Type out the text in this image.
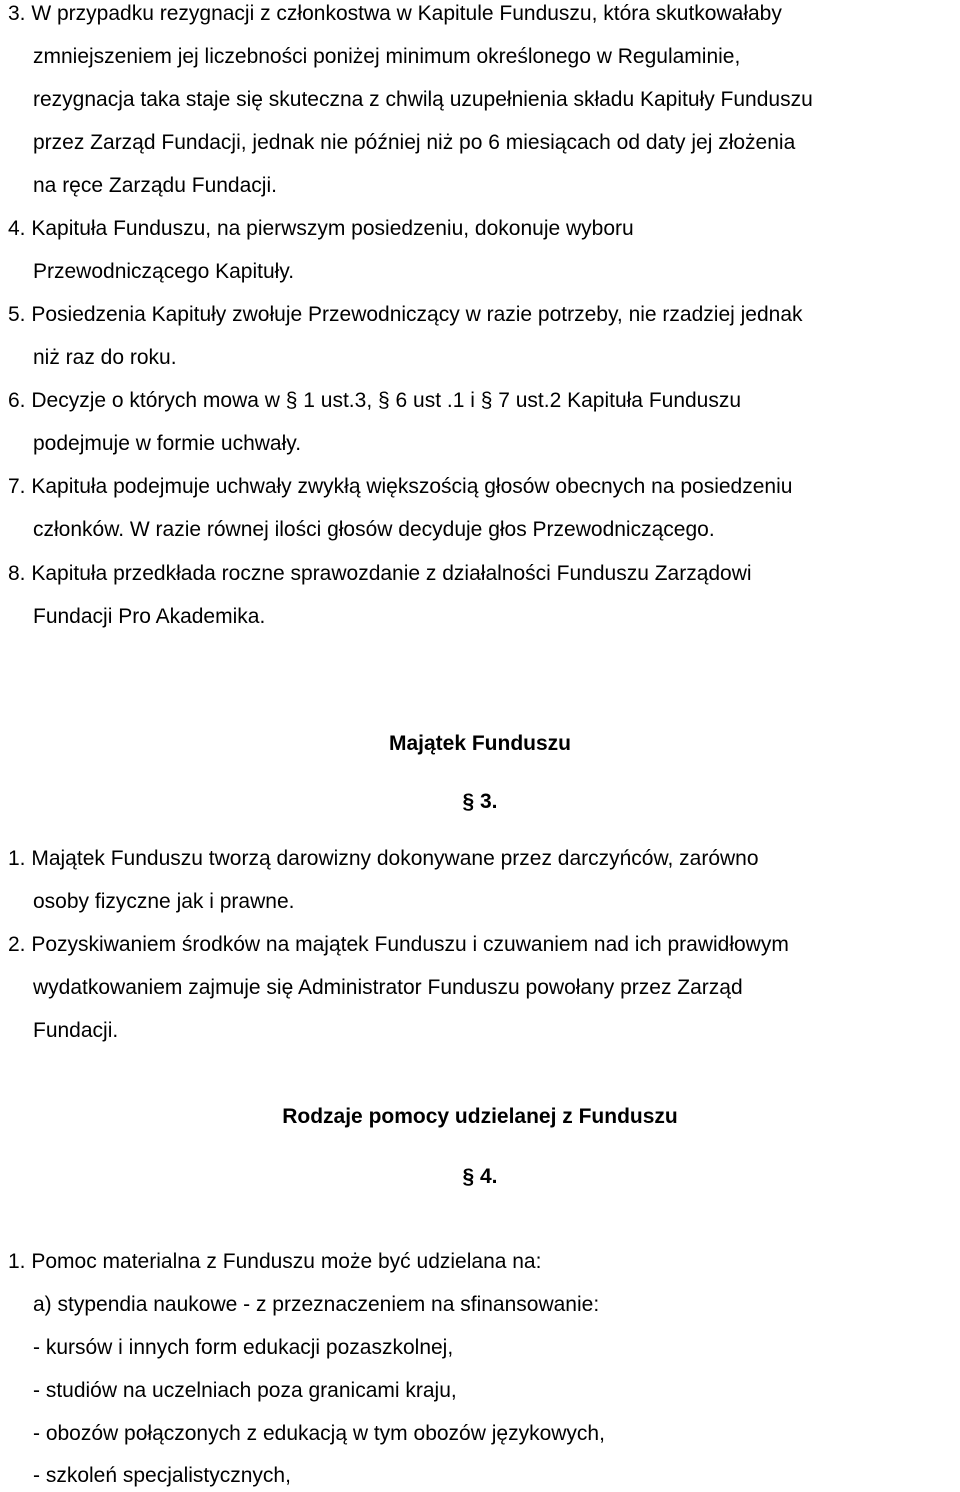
3. W przypadku rezygnacji z członkostwa w Kapitule Funduszu, która skutkowałaby
zmniejszeniem jej liczebności poniżej minimum określonego w Regulaminie,
rezygnacja taka staje się skuteczna z chwilą uzupełnienia składu Kapituły Funduszu
przez Zarząd Fundacji, jednak nie później niż po 6 miesiącach od daty jej złożenia
na ręce Zarządu Fundacji.
4. Kapituła Funduszu, na pierwszym posiedzeniu, dokonuje wyboru
Przewodniczącego Kapituły.
5. Posiedzenia Kapituły zwołuje Przewodniczący w razie potrzeby, nie rzadziej jednak
niż raz do roku.
6. Decyzje o których mowa w § 1 ust.3, § 6 ust .1 i § 7 ust.2 Kapituła Funduszu
podejmuje w formie uchwały.
7. Kapituła podejmuje uchwały zwykłą większością głosów obecnych na posiedzeniu
członków. W razie równej ilości głosów decyduje głos Przewodniczącego.
8. Kapituła przedkłada roczne sprawozdanie z działalności Funduszu Zarządowi
Fundacji Pro Akademika.
Majątek Funduszu
§ 3.
1. Majątek Funduszu tworzą darowizny dokonywane przez darczyńców, zarówno
osoby fizyczne jak i prawne.
2. Pozyskiwaniem środków na majątek Funduszu i czuwaniem nad ich prawidłowym
wydatkowaniem zajmuje się Administrator Funduszu powołany przez Zarząd
Fundacji.
Rodzaje pomocy udzielanej z Funduszu
§ 4.
1. Pomoc materialna z Funduszu może być udzielana na:
a) stypendia naukowe - z przeznaczeniem na sfinansowanie:
- kursów i innych form edukacji pozaszkolnej,
- studiów na uczelniach poza granicami kraju,
- obozów połączonych z edukacją w tym obozów językowych,
- szkoleń specjalistycznych,
